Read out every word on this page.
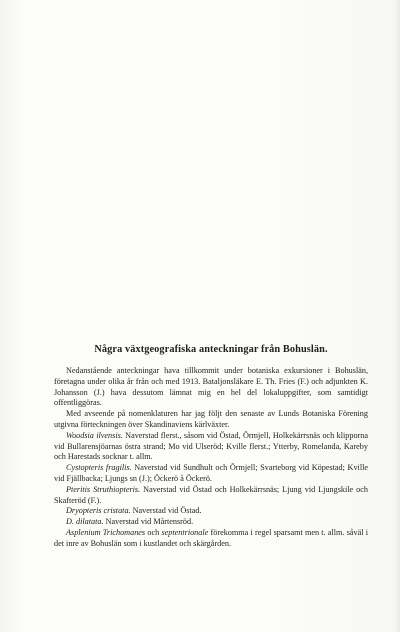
Några växtgeografiska anteckningar från Bohuslän.

Nedanstående anteckningar hava tillkommit under botaniska exkursioner i Bohuslän, företagna under olika år från och med 1913. Bataljonsläkare E. Th. Fries (F.) och adjunkten K. Johansson (J.) hava dessutom lämnat mig en hel del lokaluppgifter, som samtidigt offentliggöras.

Med avseende på nomenklaturen har jag följt den senaste av Lunds Botaniska Förening utgivna förteckningen över Skandinaviens kärlväxter.

Woodsia ilvensis. Naverstad flerst., såsom vid Östad, Örmjell, Holkekärrsnäs och klipporna vid Bullarensjöarnas östra strand; Mo vid Ulseröd; Kville flerst.; Ytterby, Romelanda, Kareby och Harestads socknar t. allm.

Cystopteris fragilis. Naverstad vid Sundhult och Örmjell; Svarteborg vid Köpestad; Kville vid Fjällbacka; Ljungs sn (J.); Öckerö å Öckerö.

Pteritis Struthiopteris. Naverstad vid Östad och Holkekärrsnäs; Ljung vid Ljungskile och Skafteröd (F.).

Dryopteris cristata. Naverstad vid Östad.

D. dilatata. Naverstad vid Mårtensröd.

Asplenium Trichomanes och septentrionale förekomma i regel sparsamt men t. allm. såväl i det inre av Bohuslän som i kustlandet och skärgården.
